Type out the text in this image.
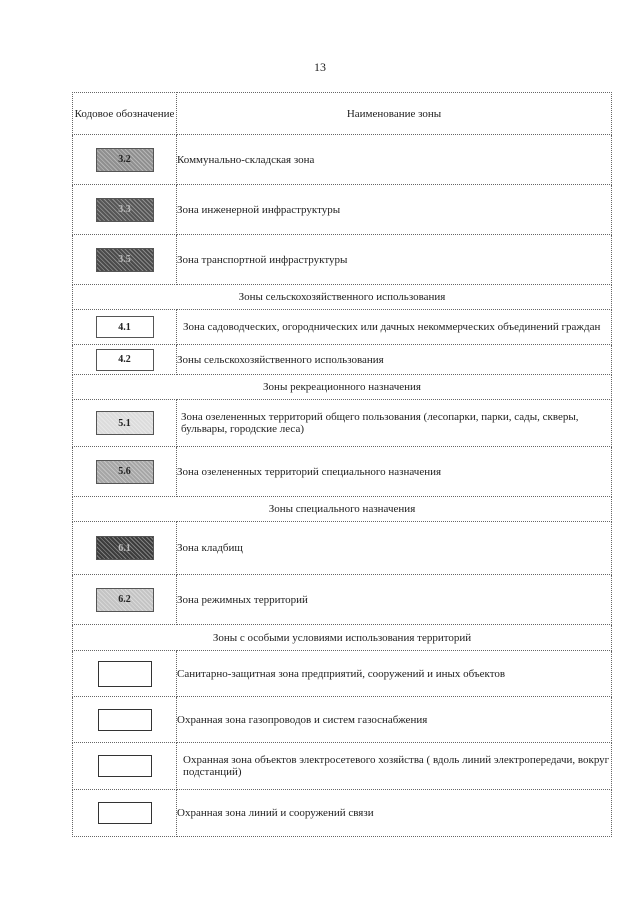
13
Кодовое обозначение	Наименование зоны

3.2	Коммунально-складская зона

3.3	Зона инженерной инфраструктуры

3.5	Зона транспортной инфраструктуры
Зоны сельскохозяйственного использования	

4.1	Зона садоводческих, огороднических или дачных некоммерческих объединений граждан

4.2	Зоны сельскохозяйственного использования
Зоны рекреационного назначения	

5.1	Зона озелененных территорий общего пользования (лесопарки, парки, сады, скверы, бульвары, городские леса)

5.6	Зона озелененных территорий специального назначения
Зоны специального назначения	

6.1	Зона кладбищ

6.2	Зона режимных территорий
Зоны с особыми условиями использования территорий	

	Санитарно-защитная зона предприятий, сооружений и иных объектов

	Охранная зона газопроводов и систем газоснабжения

	Охранная зона объектов электросетевого хозяйства ( вдоль линий электропередачи, вокруг подстанций)

	Охранная зона линий и сооружений связи
